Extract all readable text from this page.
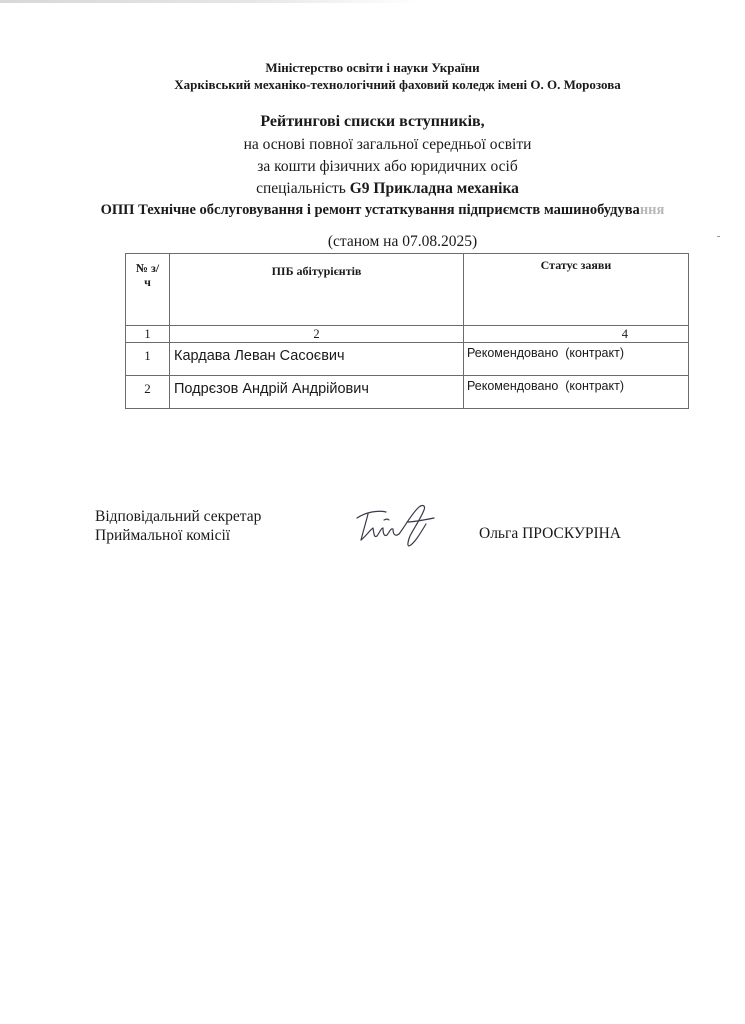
Міністерство освіти і науки України
Харківський механіко-технологічний фаховий коледж імені О. О. Морозова
Рейтингові списки вступників,
на основі повної загальної середньої освіти
за кошти фізичних або юридичних осіб
спеціальність G9 Прикладна механіка
ОПП Технічне обслуговування і ремонт устаткування підприємств машинобудування
(станом на 07.08.2025)
№ з/ч	ПІБ абітурієнтів	Статус заяви
1	2	4
1	Кардава Леван Сасоєвич	Рекомендовано  (контракт)
2	Подрєзов Андрій Андрійович	Рекомендовано  (контракт)
Відповідальний секретар
Приймальної комісії	Ольга ПРОСКУРІНА
